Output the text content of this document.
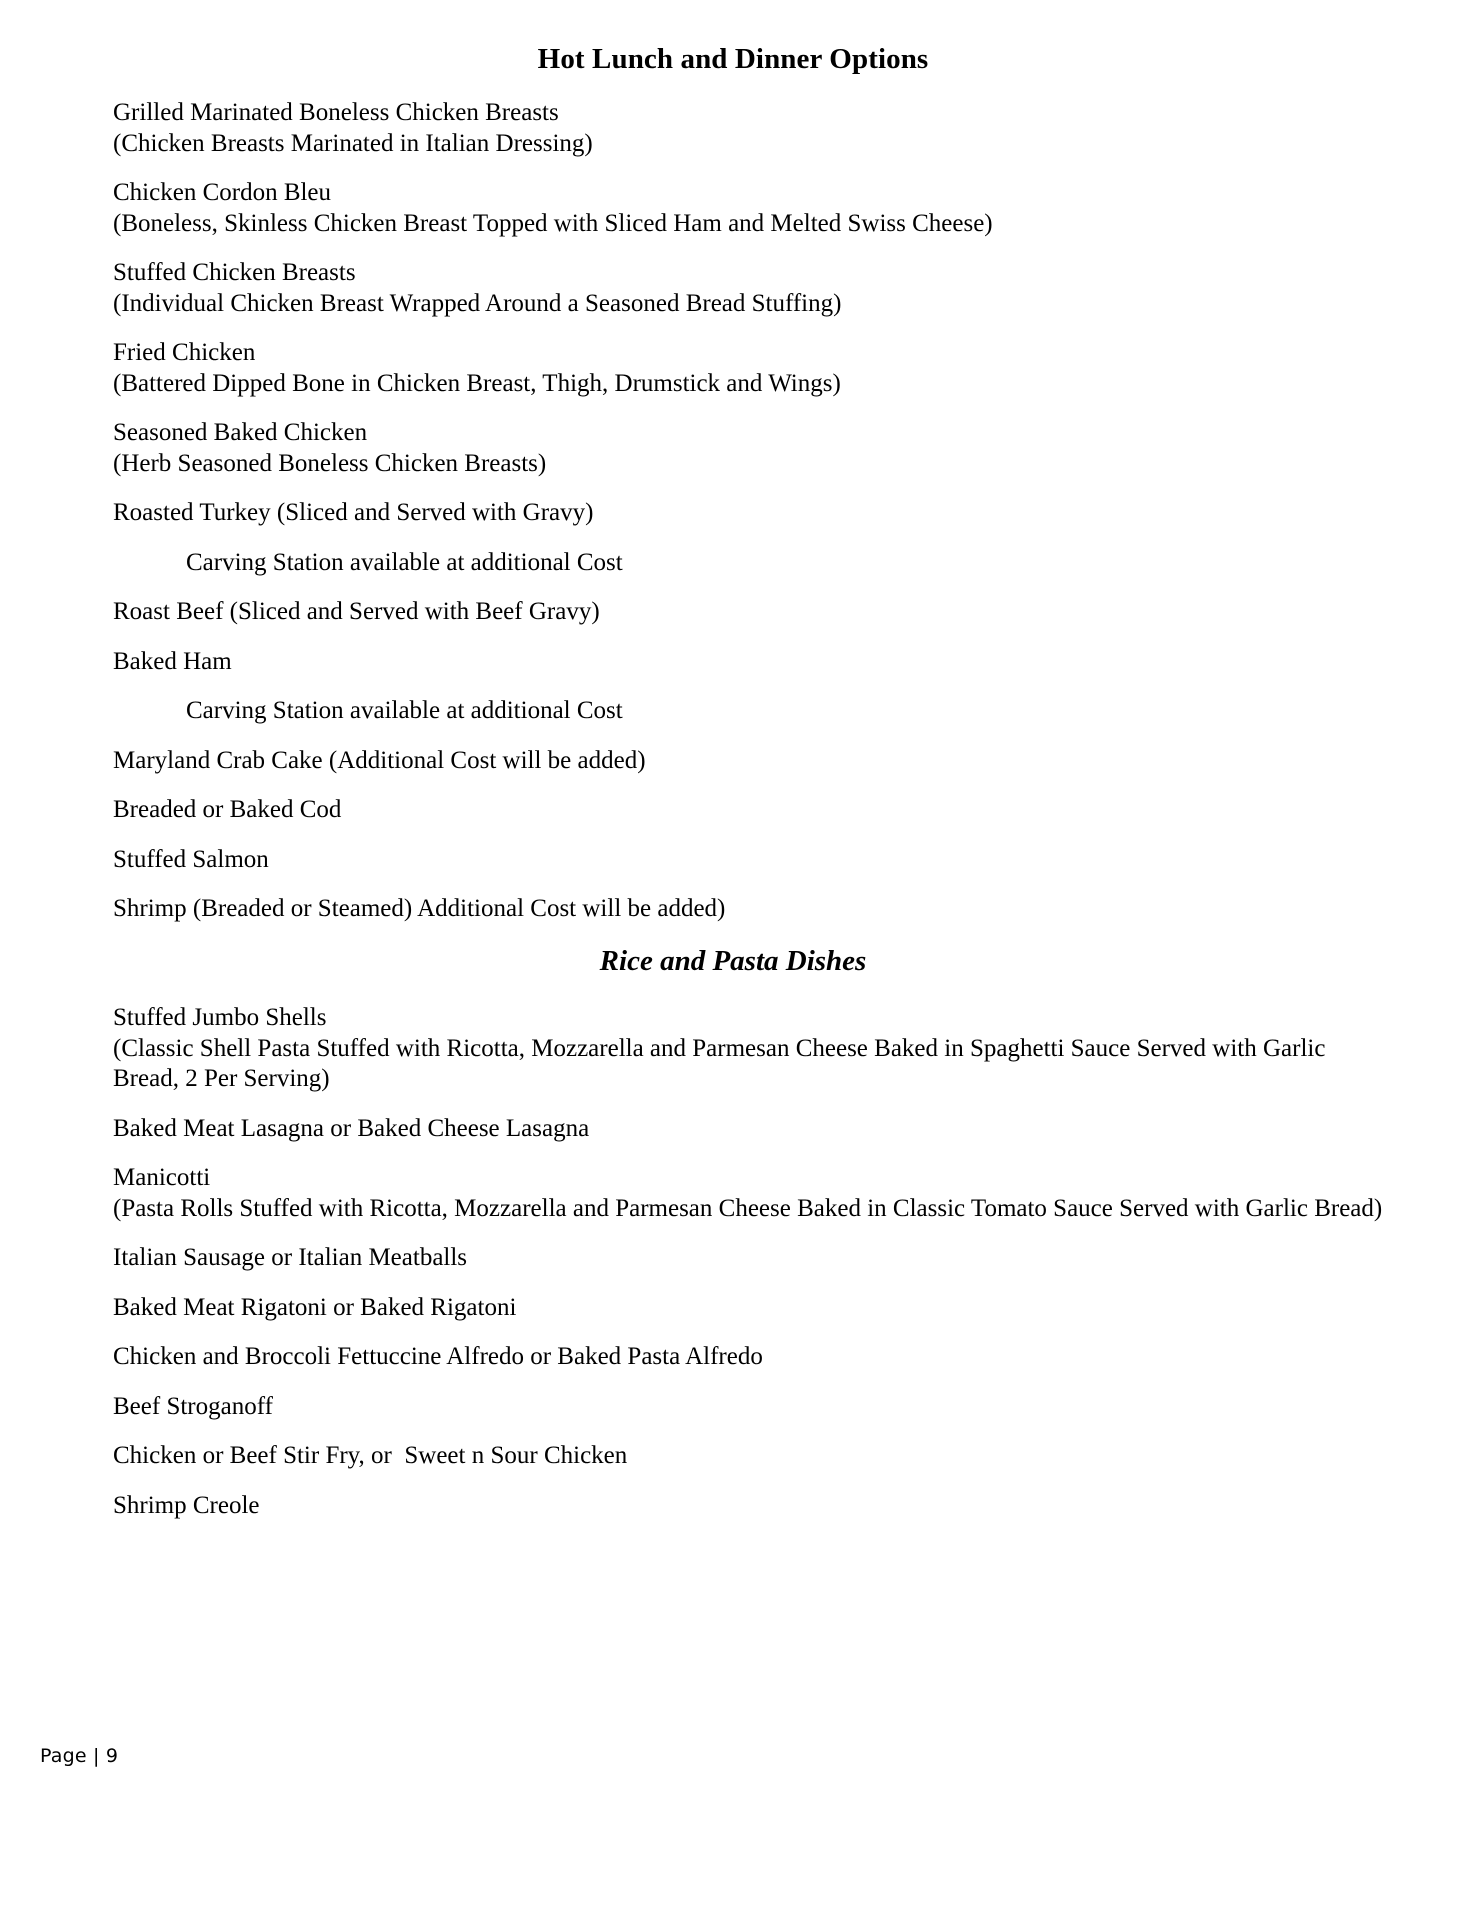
Hot Lunch and Dinner Options
Grilled Marinated Boneless Chicken Breasts
(Chicken Breasts Marinated in Italian Dressing)
Chicken Cordon Bleu
(Boneless, Skinless Chicken Breast Topped with Sliced Ham and Melted Swiss Cheese)
Stuffed Chicken Breasts
(Individual Chicken Breast Wrapped Around a Seasoned Bread Stuffing)
Fried Chicken
(Battered Dipped Bone in Chicken Breast, Thigh, Drumstick and Wings)
Seasoned Baked Chicken
(Herb Seasoned Boneless Chicken Breasts)
Roasted Turkey (Sliced and Served with Gravy)
Carving Station available at additional Cost
Roast Beef (Sliced and Served with Beef Gravy)
Baked Ham
Carving Station available at additional Cost
Maryland Crab Cake (Additional Cost will be added)
Breaded or Baked Cod
Stuffed Salmon
Shrimp (Breaded or Steamed) Additional Cost will be added)
Rice and Pasta Dishes
Stuffed Jumbo Shells
(Classic Shell Pasta Stuffed with Ricotta, Mozzarella and Parmesan Cheese Baked in Spaghetti Sauce Served with Garlic Bread, 2 Per Serving)
Baked Meat Lasagna or Baked Cheese Lasagna
Manicotti
(Pasta Rolls Stuffed with Ricotta, Mozzarella and Parmesan Cheese Baked in Classic Tomato Sauce Served with Garlic Bread)
Italian Sausage or Italian Meatballs
Baked Meat Rigatoni or Baked Rigatoni
Chicken and Broccoli Fettuccine Alfredo or Baked Pasta Alfredo
Beef Stroganoff
Chicken or Beef Stir Fry, or  Sweet n Sour Chicken
Shrimp Creole
Page | 9
